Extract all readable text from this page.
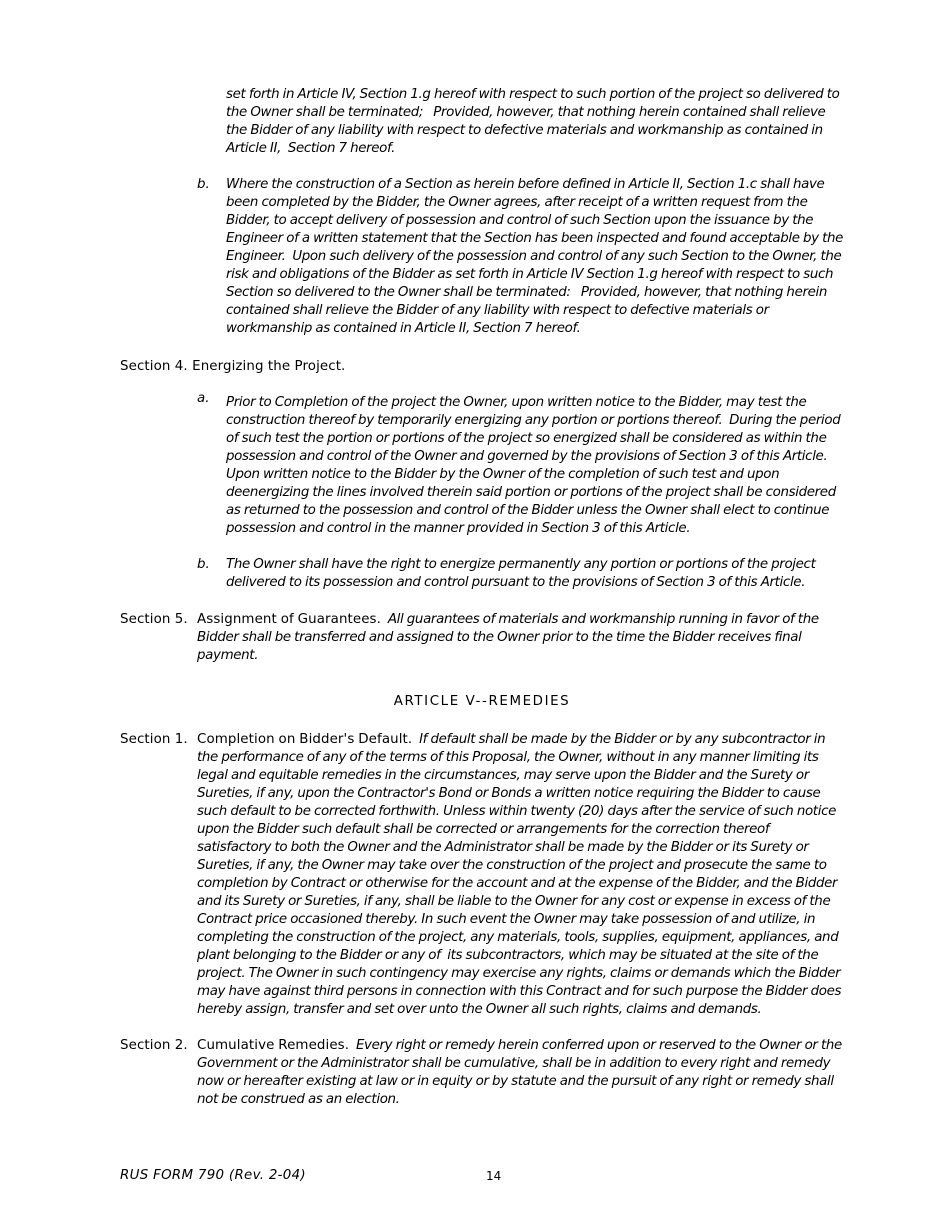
set forth in Article IV, Section 1.g hereof with respect to such portion of the project so delivered to the Owner shall be terminated;   Provided, however, that nothing herein contained shall relieve the Bidder of any liability with respect to defective materials and workmanship as contained in Article II,  Section 7 hereof.
b. Where the construction of a Section as herein before defined in Article II, Section 1.c shall have been completed by the Bidder, the Owner agrees, after receipt of a written request from the Bidder, to accept delivery of possession and control of such Section upon the issuance by the Engineer of a written statement that the Section has been inspected and found acceptable by the Engineer.  Upon such delivery of the possession and control of any such Section to the Owner, the risk and obligations of the Bidder as set forth in Article IV Section 1.g hereof with respect to such Section so delivered to the Owner shall be terminated:   Provided, however, that nothing herein contained shall relieve the Bidder of any liability with respect to defective materials or workmanship as contained in Article II, Section 7 hereof.
Section 4. Energizing the Project.
a. Prior to Completion of the project the Owner, upon written notice to the Bidder, may test the construction thereof by temporarily energizing any portion or portions thereof.  During the period of such test the portion or portions of the project so energized shall be considered as within the possession and control of the Owner and governed by the provisions of Section 3 of this Article. Upon written notice to the Bidder by the Owner of the completion of such test and upon deenergizing the lines involved therein said portion or portions of the project shall be considered as returned to the possession and control of the Bidder unless the Owner shall elect to continue possession and control in the manner provided in Section 3 of this Article.
b. The Owner shall have the right to energize permanently any portion or portions of the project delivered to its possession and control pursuant to the provisions of Section 3 of this Article.
Section 5. Assignment of Guarantees. All guarantees of materials and workmanship running in favor of the Bidder shall be transferred and assigned to the Owner prior to the time the Bidder receives final payment.
ARTICLE V--REMEDIES
Section 1. Completion on Bidder's Default. If default shall be made by the Bidder or by any subcontractor in the performance of any of the terms of this Proposal, the Owner, without in any manner limiting its legal and equitable remedies in the circumstances, may serve upon the Bidder and the Surety or Sureties, if any, upon the Contractor's Bond or Bonds a written notice requiring the Bidder to cause such default to be corrected forthwith. Unless within twenty (20) days after the service of such notice upon the Bidder such default shall be corrected or arrangements for the correction thereof satisfactory to both the Owner and the Administrator shall be made by the Bidder or its Surety or Sureties, if any, the Owner may take over the construction of the project and prosecute the same to completion by Contract or otherwise for the account and at the expense of the Bidder, and the Bidder and its Surety or Sureties, if any, shall be liable to the Owner for any cost or expense in excess of the Contract price occasioned thereby. In such event the Owner may take possession of and utilize, in completing the construction of the project, any materials, tools, supplies, equipment, appliances, and plant belonging to the Bidder or any of  its subcontractors, which may be situated at the site of the project. The Owner in such contingency may exercise any rights, claims or demands which the Bidder may have against third persons in connection with this Contract and for such purpose the Bidder does hereby assign, transfer and set over unto the Owner all such rights, claims and demands.
Section 2. Cumulative Remedies. Every right or remedy herein conferred upon or reserved to the Owner or the Government or the Administrator shall be cumulative, shall be in addition to every right and remedy now or hereafter existing at law or in equity or by statute and the pursuit of any right or remedy shall not be construed as an election.
RUS FORM 790 (Rev. 2-04)	14
